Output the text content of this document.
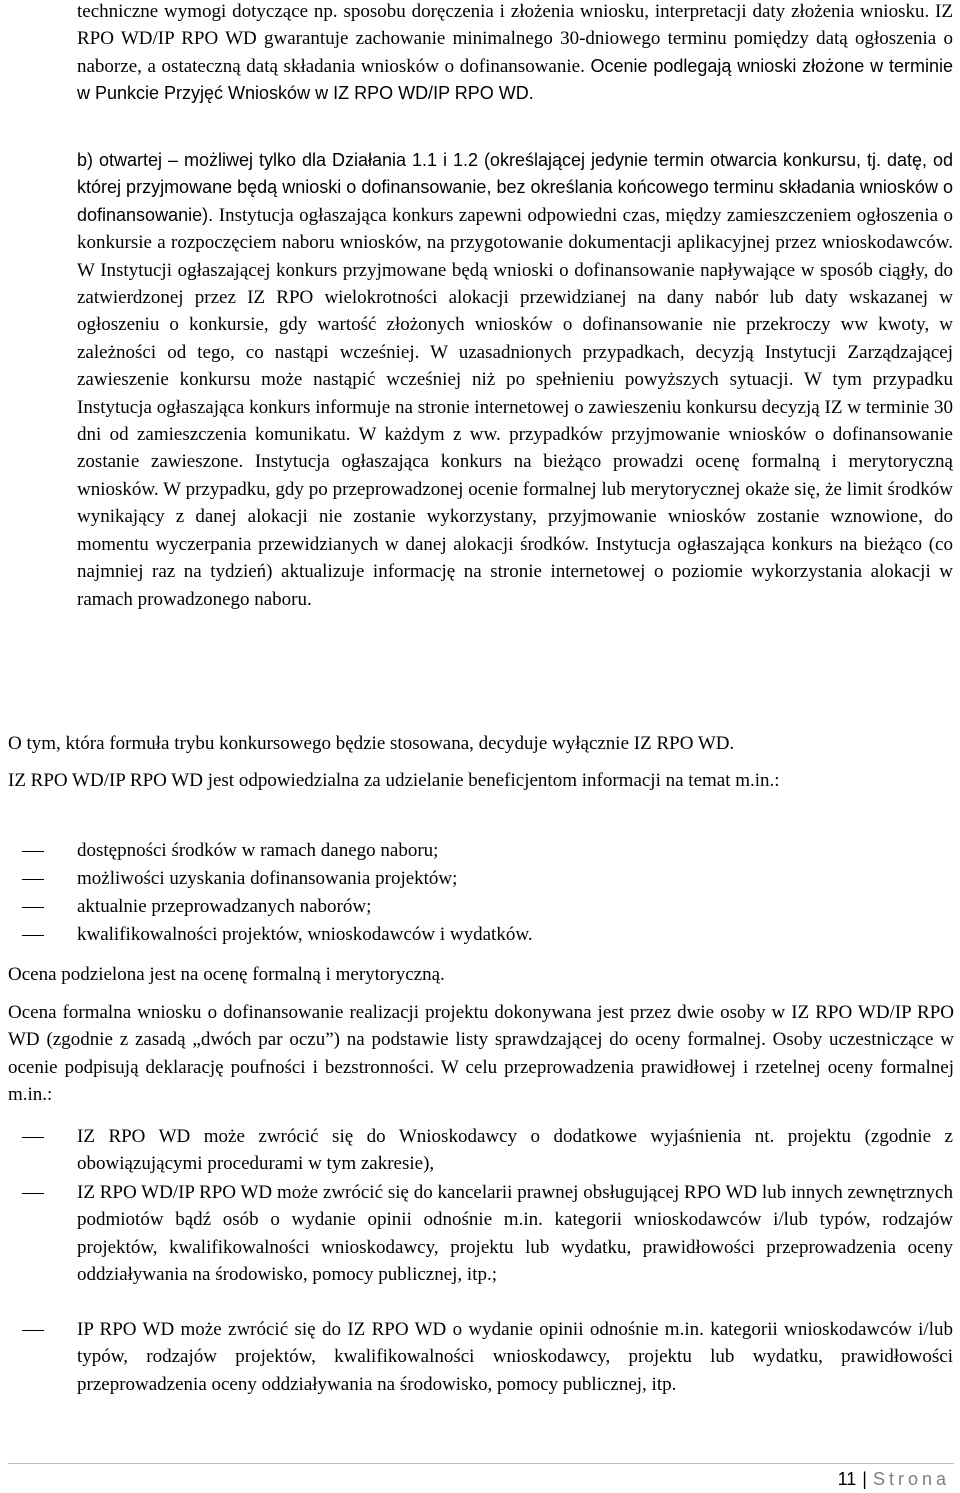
techniczne wymogi dotyczące np. sposobu doręczenia i złożenia wniosku, interpretacji daty złożenia wniosku. IZ RPO WD/IP RPO WD gwarantuje zachowanie minimalnego 30-dniowego terminu pomiędzy datą ogłoszenia o naborze, a ostateczną datą składania wniosków o dofinansowanie. Ocenie podlegają wnioski złożone w terminie w Punkcie Przyjęć Wniosków w IZ RPO WD/IP RPO WD.

b) otwartej – możliwej tylko dla Działania 1.1 i 1.2 (określającej jedynie termin otwarcia konkursu, tj. datę, od której przyjmowane będą wnioski o dofinansowanie, bez określania końcowego terminu składania wniosków o dofinansowanie). Instytucja ogłaszająca konkurs zapewni odpowiedni czas, między zamieszczeniem ogłoszenia o konkursie a rozpoczęciem naboru wniosków, na przygotowanie dokumentacji aplikacyjnej przez wnioskodawców. W Instytucji ogłaszającej konkurs przyjmowane będą wnioski o dofinansowanie napływające w sposób ciągły, do zatwierdzonej przez IZ RPO wielokrotności alokacji przewidzianej na dany nabór lub daty wskazanej w ogłoszeniu o konkursie, gdy wartość złożonych wniosków o dofinansowanie nie przekroczy ww kwoty, w zależności od tego, co nastąpi wcześniej. W uzasadnionych przypadkach, decyzją Instytucji Zarządzającej zawieszenie konkursu może nastąpić wcześniej niż po spełnieniu powyższych sytuacji. W tym przypadku Instytucja ogłaszająca konkurs informuje na stronie internetowej o zawieszeniu konkursu decyzją IZ w terminie 30 dni od zamieszczenia komunikatu. W każdym z ww. przypadków przyjmowanie wniosków o dofinansowanie zostanie zawieszone. Instytucja ogłaszająca konkurs na bieżąco prowadzi ocenę formalną i merytoryczną wniosków. W przypadku, gdy po przeprowadzonej ocenie formalnej lub merytorycznej okaże się, że limit środków wynikający z danej alokacji nie zostanie wykorzystany, przyjmowanie wniosków zostanie wznowione, do momentu wyczerpania przewidzianych w danej alokacji środków. Instytucja ogłaszająca konkurs na bieżąco (co najmniej raz na tydzień) aktualizuje informację na stronie internetowej o poziomie wykorzystania alokacji w ramach prowadzonego naboru.

O tym, która formuła trybu konkursowego będzie stosowana, decyduje wyłącznie IZ RPO WD.

IZ RPO WD/IP RPO WD jest odpowiedzialna za udzielanie beneficjentom informacji na temat m.in.:

dostępności środków w ramach danego naboru;

możliwości uzyskania dofinansowania projektów;

aktualnie przeprowadzanych naborów;

kwalifikowalności projektów, wnioskodawców i wydatków.

Ocena podzielona jest na ocenę formalną i merytoryczną.

Ocena formalna wniosku o dofinansowanie realizacji projektu dokonywana jest przez dwie osoby w IZ RPO WD/IP RPO WD (zgodnie z zasadą „dwóch par oczu”) na podstawie listy sprawdzającej do oceny formalnej. Osoby uczestniczące w ocenie podpisują deklarację poufności i bezstronności. W celu przeprowadzenia prawidłowej i rzetelnej oceny formalnej m.in.:

IZ RPO WD może zwrócić się do Wnioskodawcy o dodatkowe wyjaśnienia nt. projektu (zgodnie z obowiązującymi procedurami w tym zakresie),

IZ RPO WD/IP RPO WD może zwrócić się do kancelarii prawnej obsługującej RPO WD lub innych zewnętrznych podmiotów bądź osób o wydanie opinii odnośnie m.in. kategorii wnioskodawców i/lub typów, rodzajów projektów, kwalifikowalności wnioskodawcy, projektu lub wydatku, prawidłowości przeprowadzenia oceny oddziaływania na środowisko, pomocy publicznej, itp.;

IP RPO WD może zwrócić się do IZ RPO WD o wydanie opinii odnośnie m.in. kategorii wnioskodawców i/lub typów, rodzajów projektów, kwalifikowalności wnioskodawcy, projektu lub wydatku, prawidłowości przeprowadzenia oceny oddziaływania na środowisko, pomocy publicznej, itp.

11 | Strona
